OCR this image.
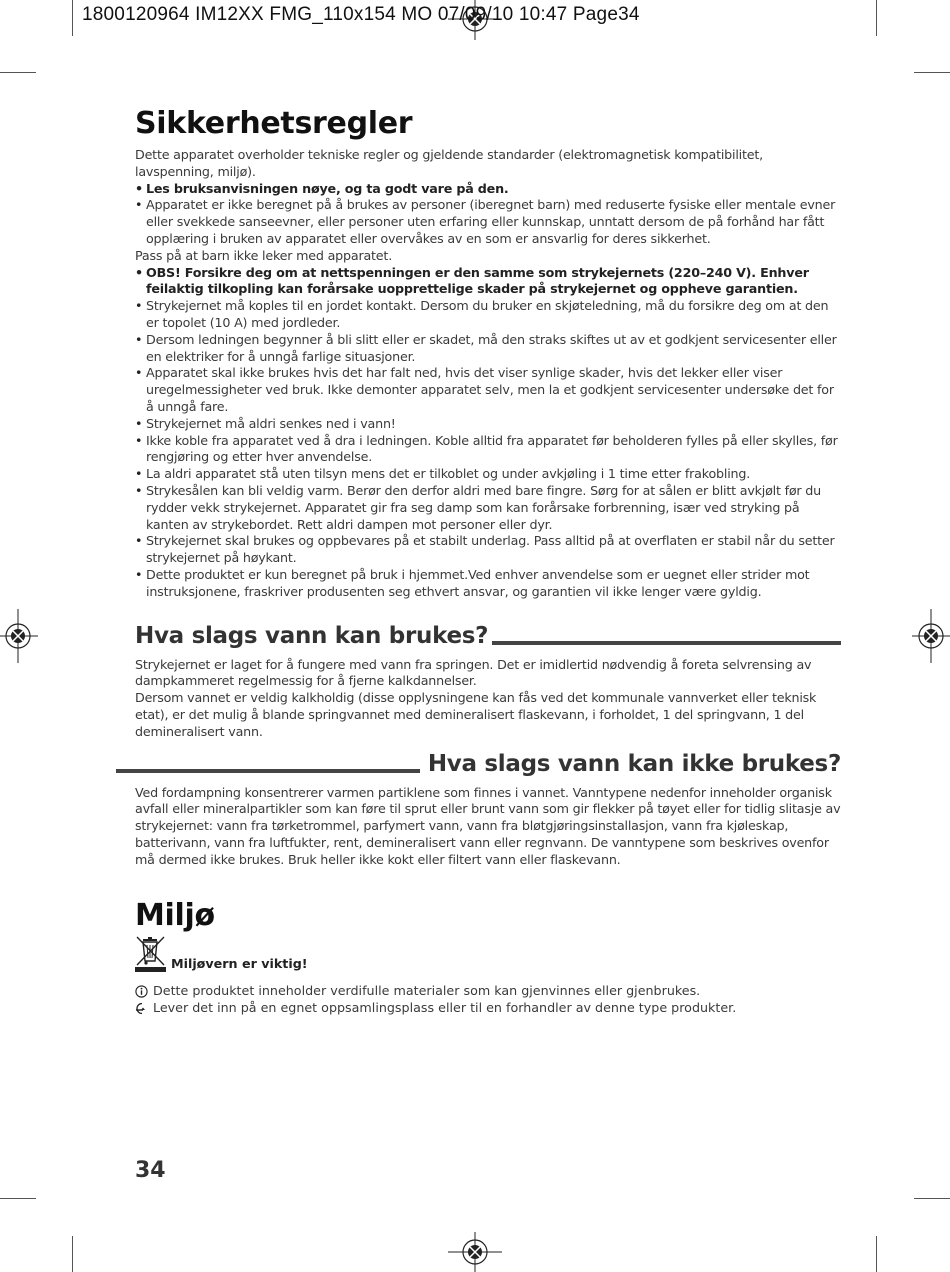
1800120964 IM12XX FMG_110x154 MO 07/09/10 10:47 Page34
Sikkerhetsregler

Dette apparatet overholder tekniske regler og gjeldende standarder (elektromagnetisk kompatibilitet, lavspenning, miljø).

• Les bruksanvisningen nøye, og ta godt vare på den.
• Apparatet er ikke beregnet på å brukes av personer (iberegnet barn) med reduserte fysiske eller mentale evner eller svekkede sanseevner, eller personer uten erfaring eller kunnskap, unntatt dersom de på forhånd har fått opplæring i bruken av apparatet eller overvåkes av en som er ansvarlig for deres sikkerhet.
Pass på at barn ikke leker med apparatet.
• OBS! Forsikre deg om at nettspenningen er den samme som strykejernets (220–240 V). Enhver feilaktig tilkopling kan forårsake uopprettelige skader på strykejernet og oppheve garantien.
• Strykejernet må koples til en jordet kontakt. Dersom du bruker en skjøteledning, må du forsikre deg om at den er topolet (10 A) med jordleder.
• Dersom ledningen begynner å bli slitt eller er skadet, må den straks skiftes ut av et godkjent servicesenter eller en elektriker for å unngå farlige situasjoner.
• Apparatet skal ikke brukes hvis det har falt ned, hvis det viser synlige skader, hvis det lekker eller viser uregelmessigheter ved bruk. Ikke demonter apparatet selv, men la et godkjent servicesenter undersøke det for å unngå fare.
• Strykejernet må aldri senkes ned i vann!
• Ikke koble fra apparatet ved å dra i ledningen. Koble alltid fra apparatet før beholderen fylles på eller skylles, før rengjøring og etter hver anvendelse.
• La aldri apparatet stå uten tilsyn mens det er tilkoblet og under avkjøling i 1 time etter frakobling.
• Strykesålen kan bli veldig varm. Berør den derfor aldri med bare fingre. Sørg for at sålen er blitt avkjølt før du rydder vekk strykejernet. Apparatet gir fra seg damp som kan forårsake forbrenning, især ved stryking på kanten av strykebordet. Rett aldri dampen mot personer eller dyr.
• Strykejernet skal brukes og oppbevares på et stabilt underlag. Pass alltid på at overflaten er stabil når du setter strykejernet på høykant.
• Dette produktet er kun beregnet på bruk i hjemmet.Ved enhver anvendelse som er uegnet eller strider mot instruksjonene, fraskriver produsenten seg ethvert ansvar, og garantien vil ikke lenger være gyldig.
Hva slags vann kan brukes?

Strykejernet er laget for å fungere med vann fra springen. Det er imidlertid nødvendig å foreta selvrensing av dampkammeret regelmessig for å fjerne kalkdannelser.

Dersom vannet er veldig kalkholdig (disse opplysningene kan fås ved det kommunale vannverket eller teknisk etat), er det mulig å blande springvannet med demineralisert flaskevann, i forholdet, 1 del springvann, 1 del demineralisert vann.

Hva slags vann kan ikke brukes?

Ved fordampning konsentrerer varmen partiklene som finnes i vannet. Vanntypene nedenfor inneholder organisk avfall eller mineralpartikler som kan føre til sprut eller brunt vann som gir flekker på tøyet eller for tidlig slitasje av strykejernet: vann fra tørketrommel, parfymert vann, vann fra bløtgjøringsinstallasjon, vann fra kjøleskap, batterivann, vann fra luftfukter, rent, demineralisert vann eller regnvann. De vanntypene som beskrives ovenfor må dermed ikke brukes. Bruk heller ikke kokt eller filtert vann eller flaskevann.

Miljø
Miljøvern er viktig!
Dette produktet inneholder verdifulle materialer som kan gjenvinnes eller gjenbrukes.
Lever det inn på en egnet oppsamlingsplass eller til en forhandler av denne type produkter.
34
